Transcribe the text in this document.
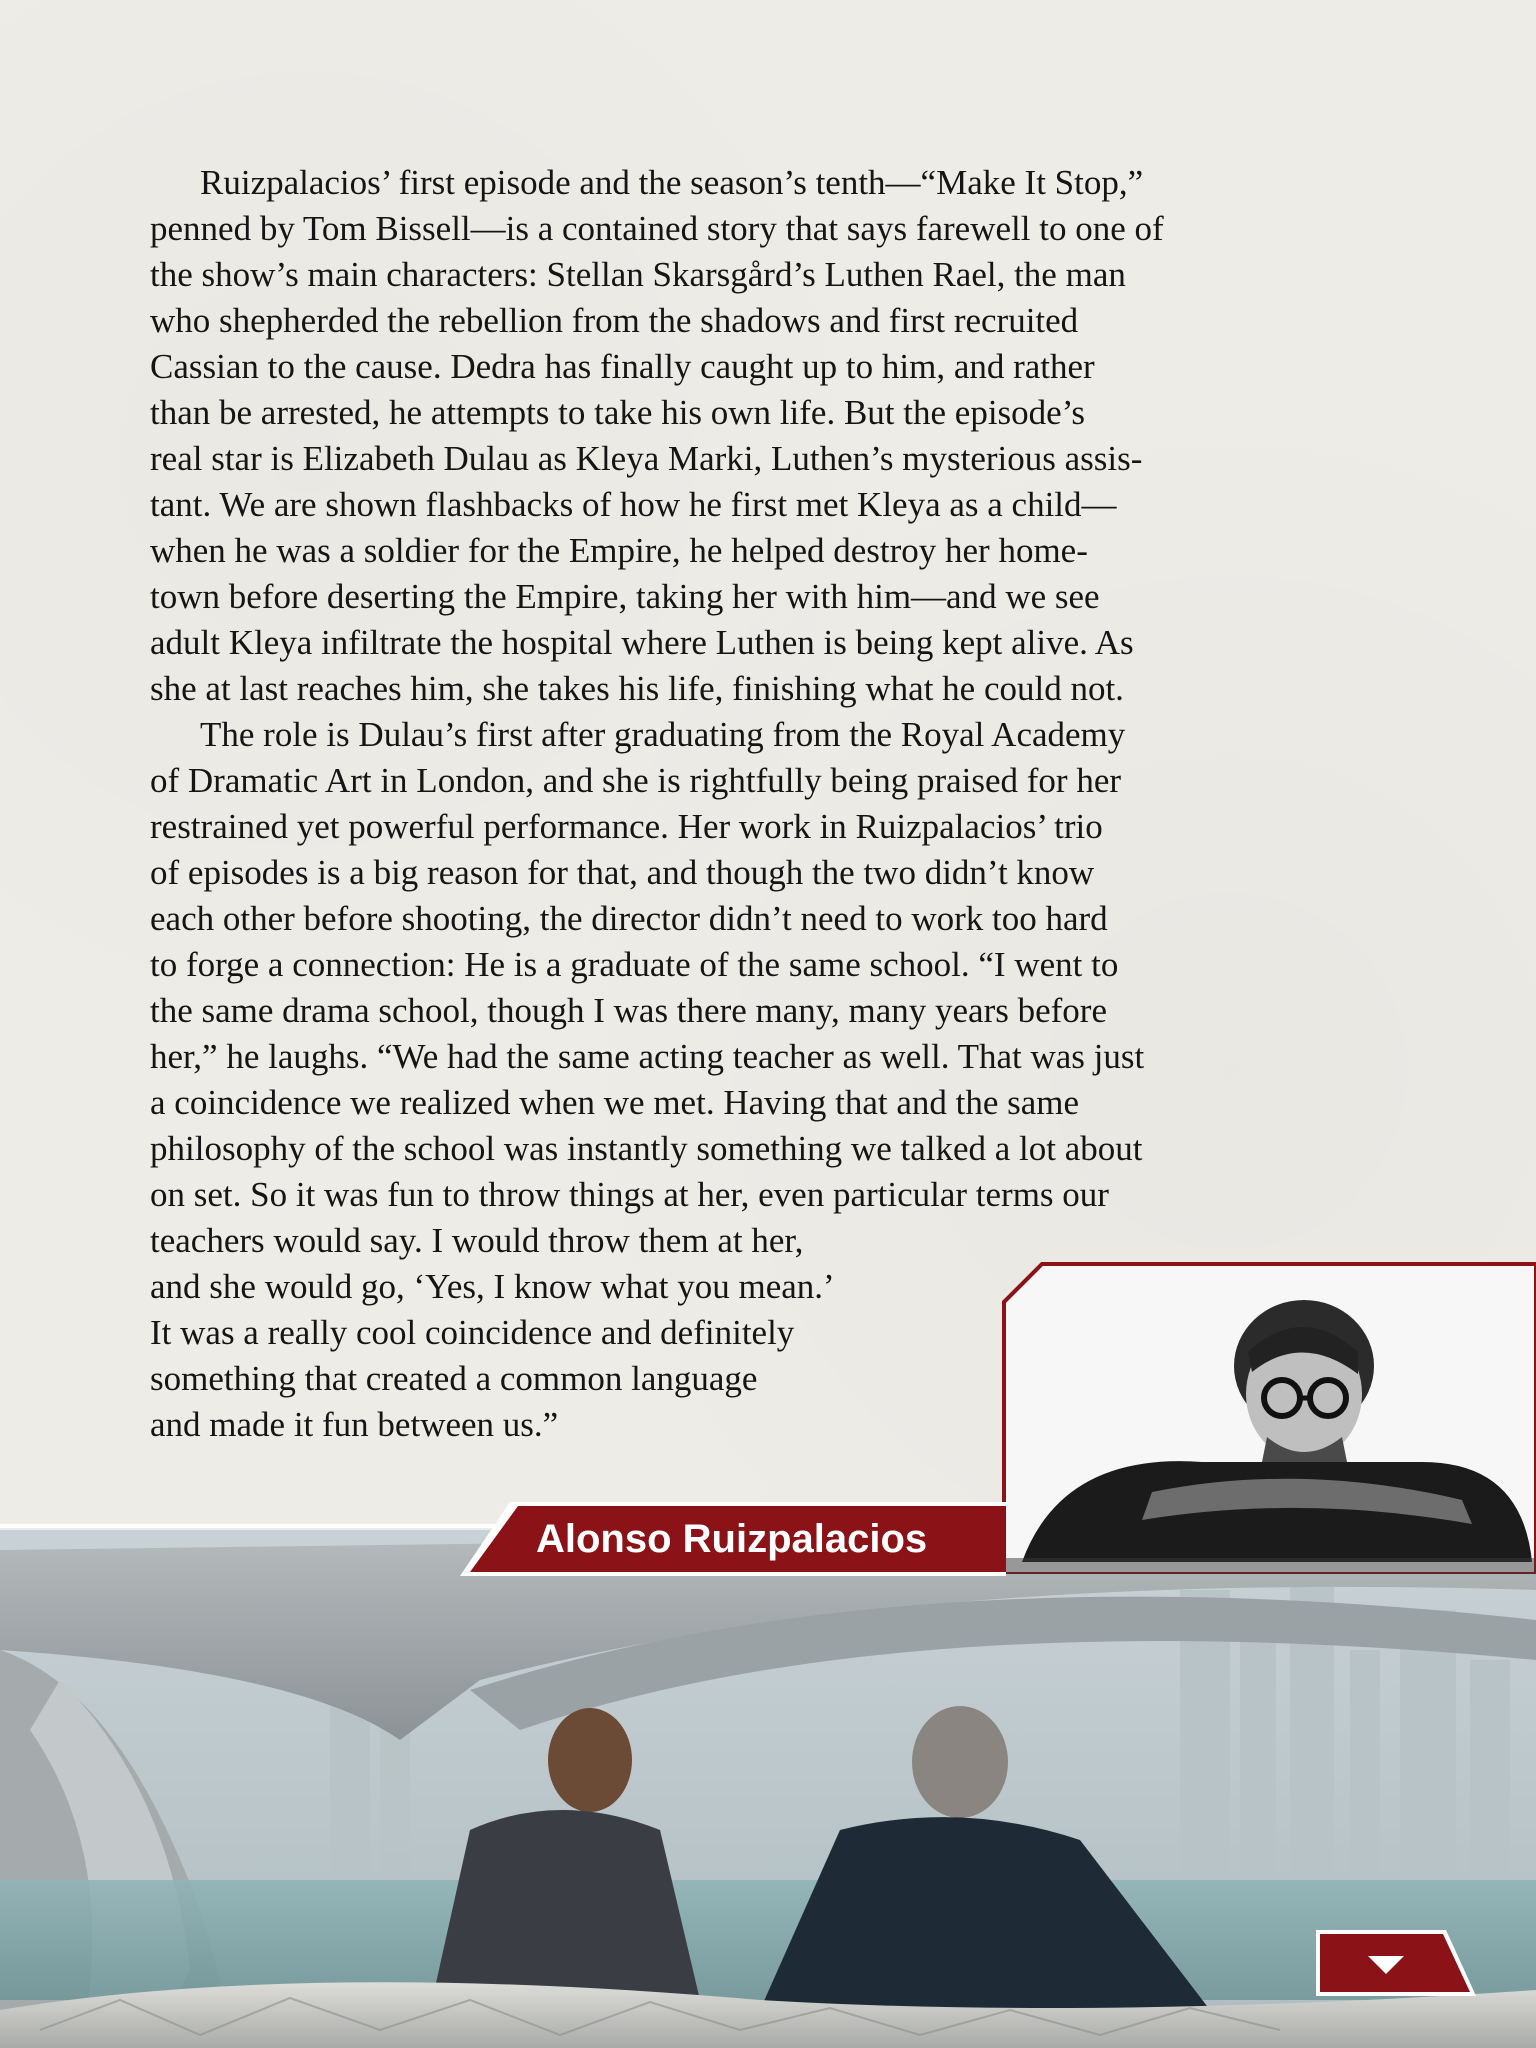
Ruizpalacios’ first episode and the season’s tenth—“Make It Stop,”
penned by Tom Bissell—is a contained story that says farewell to one of
the show’s main characters: Stellan Skarsgård’s Luthen Rael, the man
who shepherded the rebellion from the shadows and first recruited
Cassian to the cause. Dedra has finally caught up to him, and rather
than be arrested, he attempts to take his own life. But the episode’s
real star is Elizabeth Dulau as Kleya Marki, Luthen’s mysterious assis-
tant. We are shown flashbacks of how he first met Kleya as a child—
when he was a soldier for the Empire, he helped destroy her home-
town before deserting the Empire, taking her with him—and we see
adult Kleya infiltrate the hospital where Luthen is being kept alive. As
she at last reaches him, she takes his life, finishing what he could not.
The role is Dulau’s first after graduating from the Royal Academy
of Dramatic Art in London, and she is rightfully being praised for her
restrained yet powerful performance. Her work in Ruizpalacios’ trio
of episodes is a big reason for that, and though the two didn’t know
each other before shooting, the director didn’t need to work too hard
to forge a connection: He is a graduate of the same school. “I went to
the same drama school, though I was there many, many years before
her,” he laughs. “We had the same acting teacher as well. That was just
a coincidence we realized when we met. Having that and the same
philosophy of the school was instantly something we talked a lot about
on set. So it was fun to throw things at her, even particular terms our
teachers would say. I would throw them at her,
and she would go, ‘Yes, I know what you mean.’
It was a really cool coincidence and definitely
something that created a common language
and made it fun between us.”
Alonso Ruizpalacios
